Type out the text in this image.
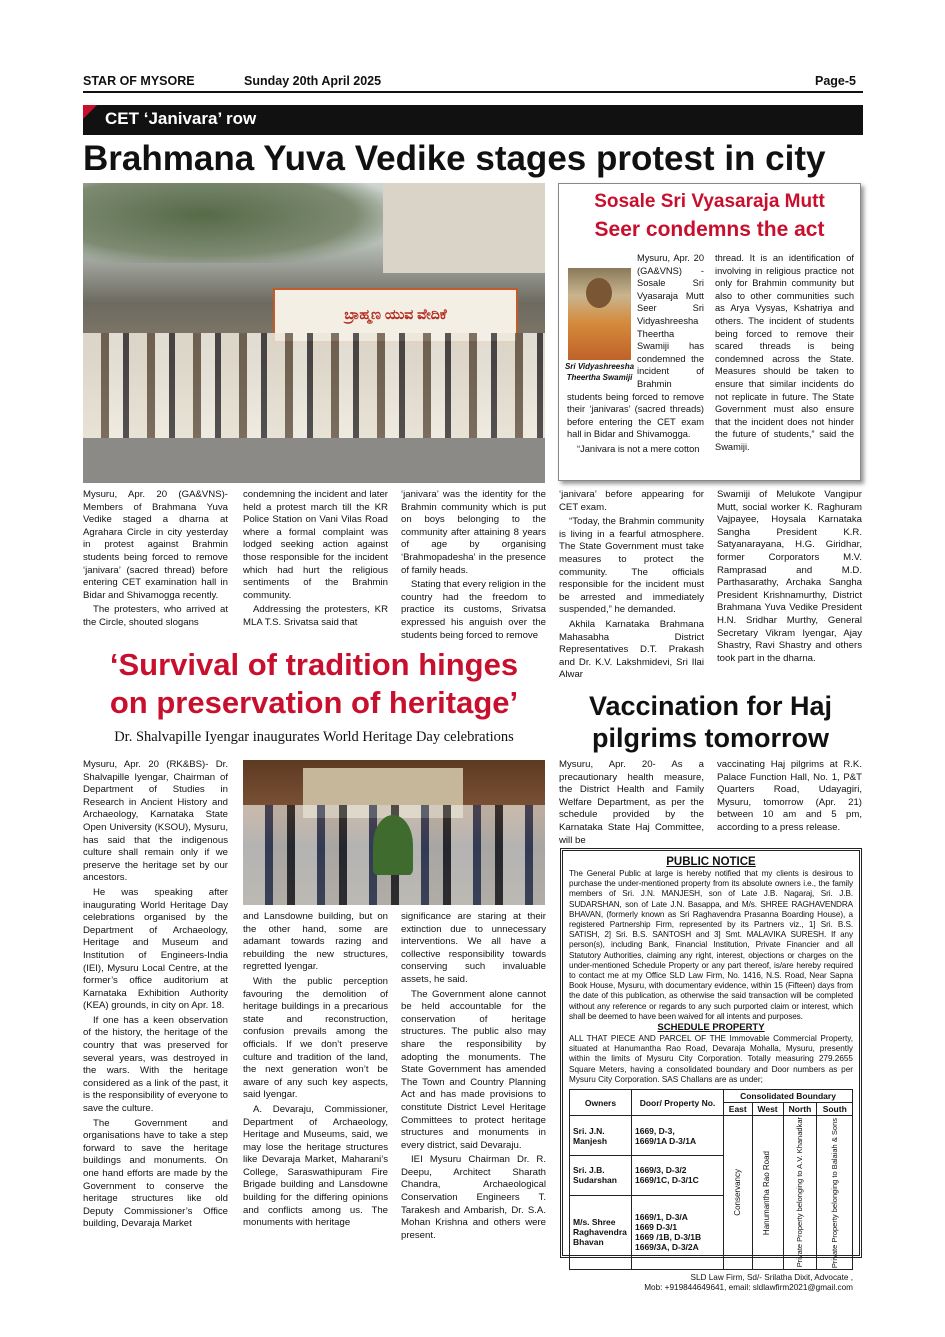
STAR OF MYSORE	Sunday 20th April 2025	Page-5
CET ‘Janivara’ row
Brahmana Yuva Vedike stages protest in city
ಬ್ರಾಹ್ಮಣ ಯುವ ವೇದಿಕೆ
Sosale Sri Vyasaraja Mutt
Seer condemns the act
Sri Vidyashreesha
Theertha Swamiji

Mysuru, Apr. 20 (GA&VNS) - Sosale Sri Vyasaraja Mutt Seer Sri Vidyashreesha Theertha Swamiji has condemned the incident of Brahmin students being forced to remove their ‘janivaras’ (sacred threads) before entering the CET exam hall in Bidar and Shivamogga.

“Janivara is not a mere cotton

thread. It is an identification of involving in religious practice not only for Brahmin community but also to other communities such as Arya Vysyas, Kshatriya and others. The incident of students being forced to remove their scared threads is being condemned across the State. Measures should be taken to ensure that similar incidents do not replicate in future. The State Government must also ensure that the incident does not hinder the future of students,” said the Swamiji.

Mysuru, Apr. 20 (GA&VNS)- Members of Brahmana Yuva Vedike staged a dharna at Agrahara Circle in city yesterday in protest against Brahmin students being forced to remove ‘janivara’ (sacred thread) before entering CET examination hall in Bidar and Shivamogga recently.

The protesters, who arrived at the Circle, shouted slogans

condemning the incident and later held a protest march till the KR Police Station on Vani Vilas Road where a formal complaint was lodged seeking action against those responsible for the incident which had hurt the religious sentiments of the Brahmin community.

Addressing the protesters, KR MLA T.S. Srivatsa said that

‘janivara’ was the identity for the Brahmin community which is put on boys belonging to the community after attaining 8 years of age by organising ‘Brahmopadesha’ in the presence of family heads.

Stating that every religion in the country had the freedom to practice its customs, Srivatsa expressed his anguish over the students being forced to remove

‘janivara’ before appearing for CET exam.

“Today, the Brahmin community is living in a fearful atmosphere. The State Government must take measures to protect the community. The officials responsible for the incident must be arrested and immediately suspended,” he demanded.

Akhila Karnataka Brahmana Mahasabha District Representatives D.T. Prakash and Dr. K.V. Lakshmidevi, Sri Ilai Alwar

Swamiji of Melukote Vangipur Mutt, social worker K. Raghuram Vajpayee, Hoysala Karnataka Sangha President K.R. Satyanarayana, H.G. Giridhar, former Corporators M.V. Ramprasad and M.D. Parthasarathy, Archaka Sangha President Krishnamurthy, District Brahmana Yuva Vedike President H.N. Sridhar Murthy, General Secretary Vikram Iyengar, Ajay Shastry, Ravi Shastry and others took part in the dharna.

‘Survival of tradition hinges
on preservation of heritage’
Dr. Shalvapille Iyengar inaugurates World Heritage Day celebrations

Mysuru, Apr. 20 (RK&BS)- Dr. Shalvapille Iyengar, Chairman of Department of Studies in Research in Ancient History and Archaeology, Karnataka State Open University (KSOU), Mysuru, has said that the indigenous culture shall remain only if we preserve the heritage set by our ancestors.

He was speaking after inaugurating World Heritage Day celebrations organised by the Department of Archaeology, Heritage and Museum and Institution of Engineers-India (IEI), Mysuru Local Centre, at the former’s office auditorium at Karnataka Exhibition Authority (KEA) grounds, in city on Apr. 18.

If one has a keen observation of the history, the heritage of the country that was preserved for several years, was destroyed in the wars. With the heritage considered as a link of the past, it is the responsibility of everyone to save the culture.

The Government and organisations have to take a step forward to save the heritage buildings and monuments. On one hand efforts are made by the Government to conserve the heritage structures like old Deputy Commissioner’s Office building, Devaraja Market

and Lansdowne building, but on the other hand, some are adamant towards razing and rebuilding the new structures, regretted Iyengar.

With the public perception favouring the demolition of heritage buildings in a precarious state and reconstruction, confusion prevails among the officials. If we don’t preserve culture and tradition of the land, the next generation won’t be aware of any such key aspects, said Iyengar.

A. Devaraju, Commissioner, Department of Archaeology, Heritage and Museums, said, we may lose the heritage structures like Devaraja Market, Maharani’s College, Saraswathipuram Fire Brigade building and Lansdowne building for the differing opinions and conflicts among us. The monuments with heritage

significance are staring at their extinction due to unnecessary interventions. We all have a collective responsibility towards conserving such invaluable assets, he said.

The Government alone cannot be held accountable for the conservation of heritage structures. The public also may share the responsibility by adopting the monuments. The State Government has amended The Town and Country Planning Act and has made provisions to constitute District Level Heritage Committees to protect heritage structures and monuments in every district, said Devaraju.

IEI Mysuru Chairman Dr. R. Deepu, Architect Sharath Chandra, Archaeological Conservation Engineers T. Tarakesh and Ambarish, Dr. S.A. Mohan Krishna and others were present.

Vaccination for Haj
pilgrims tomorrow
Mysuru, Apr. 20- As a precautionary health measure, the District Health and Family Welfare Department, as per the schedule provided by the Karnataka State Haj Committee, will be
vaccinating Haj pilgrims at R.K. Palace Function Hall, No. 1, P&T Quarters Road, Udayagiri, Mysuru, tomorrow (Apr. 21) between 10 am and 5 pm, according to a press release.
PUBLIC NOTICE
The General Public at large is hereby notified that my clients is desirous to purchase the under-mentioned property from its absolute owners i.e., the family members of Sri. J.N. MANJESH, son of Late J.B. Nagaraj, Sri. J.B. SUDARSHAN, son of Late J.N. Basappa, and M/s. SHREE RAGHAVENDRA BHAVAN, (formerly known as Sri Raghavendra Prasanna Boarding House), a registered Partnership Firm, represented by its Partners viz., 1] Sri. B.S. SATISH, 2] Sri. B.S. SANTOSH and 3] Smt. MALAVIKA SURESH. If any person(s), including Bank, Financial Institution, Private Financier and all Statutory Authorities, claiming any right, interest, objections or charges on the under-mentioned Schedule Property or any part thereof, is/are hereby required to contact me at my Office SLD Law Firm, No. 1416, N.S. Road, Near Sapna Book House, Mysuru, with documentary evidence, within 15 (Fifteen) days from the date of this publication, as otherwise the said transaction will be completed without any reference or regards to any such purported claim or interest, which shall be deemed to have been waived for all intents and purposes.
SCHEDULE PROPERTY
ALL THAT PIECE AND PARCEL OF THE Immovable Commercial Property, situated at Hanumantha Rao Road, Devaraja Mohalla, Mysuru, presently within the limits of Mysuru City Corporation. Totally measuring 279.2655 Square Meters, having a consolidated boundary and Door numbers as per Mysuru City Corporation. SAS Challans are as under;
Owners	Door/ Property No.	Consolidated Boundary			
		East	West	North	South
Sri. J.N. Manjesh	1669, D-3,
1669/1A D-3/1A	Conservancy	Hanumantha Rao Road	Private Property belonging to A.V. Khanadkar	Private Property belonging to Balaiah & Sons

Sri. J.B. Sudarshan	1669/3, D-3/2
1669/1C, D-3/1C				

M/s. Shree Raghavendra Bhavan	1669/1, D-3/A
1669 D-3/1
1669 /1B, D-3/1B
1669/3A, D-3/2A				
SLD Law Firm, Sd/- Srilatha Dixit, Advocate ,
Mob: +919844649641, email: sldlawfirm2021@gmail.com
